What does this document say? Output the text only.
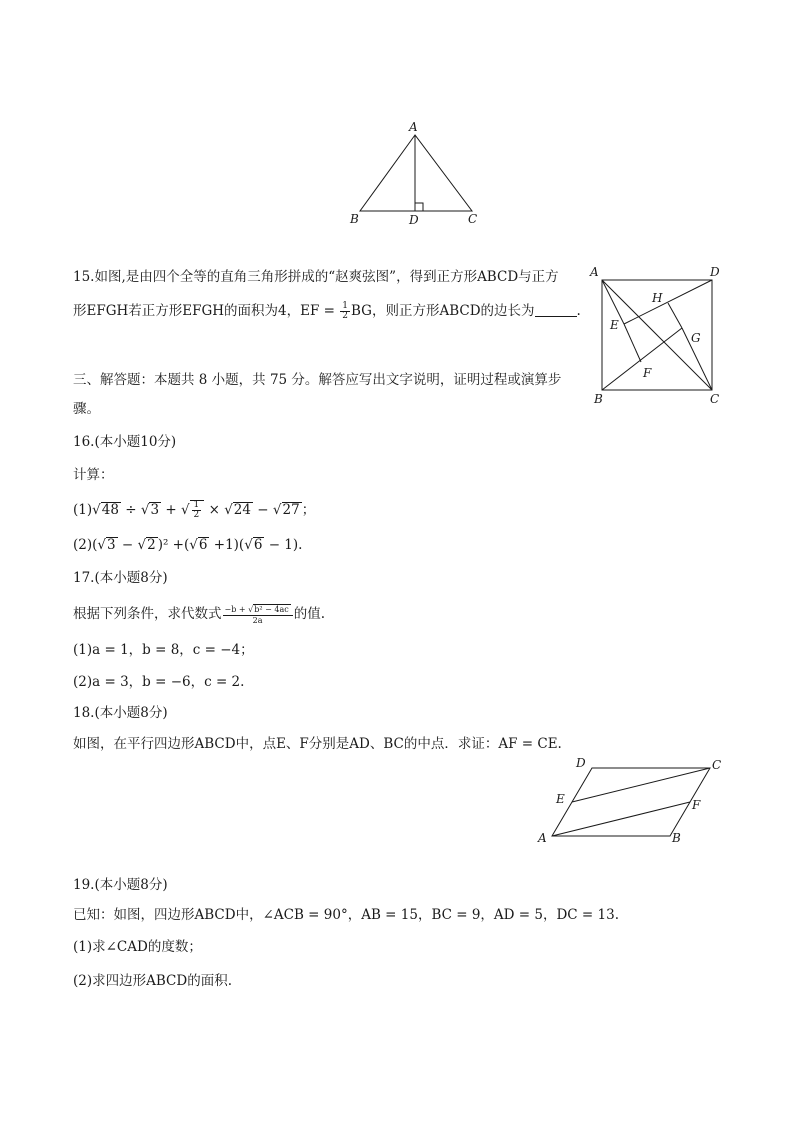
A
B	D	C
15.如图,是由四个全等的直角三角形拼成的“赵爽弦图”，得到正方形ABCD与正方
形EFGH若正方形EFGH的面积为4，EF = $\frac{1}{2}$ BG，则正方形ABCD的边长为	.
A	D
H
E
G
F
B	C
三、解答题：本题共 8 小题，共 75 分。解答应写出文字说明，证明过程或演算步
骤。
16.(本小题10分)
计算：
(1)√48 ÷ √3 + √ $\frac{1}{2} \times √24 - √27$ ；
(2)(√3 − √2 )² +(√6 +1)(√6 − 1).
17.(本小题8分)
根据下列条件，求代数式 $\frac{\text{−b + √b² − 4ac}}{2a}$ 的值.
(1)a = 1，b = 8，c = −4；
(2)a = 3，b = −6，c = 2.
18.(本小题8分)
如图，在平行四边形ABCD中，点E、F分别是AD、BC的中点．求证：AF = CE.
D	C
E	F
A	B
19.(本小题8分)
已知：如图，四边形ABCD中，∠ACB = 90°，AB = 15，BC = 9，AD = 5，DC = 13.
(1)求∠CAD的度数；
(2)求四边形ABCD的面积.
